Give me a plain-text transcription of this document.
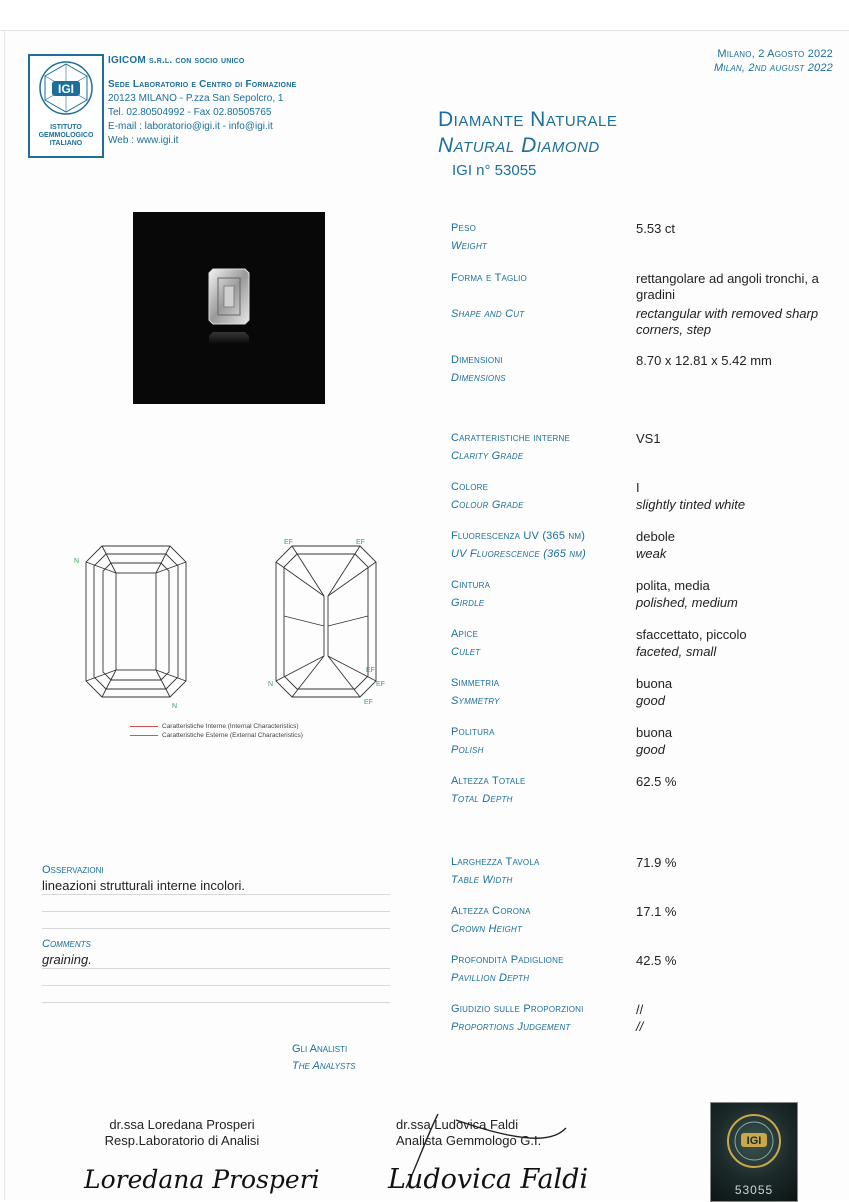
IGI
ISTITUTO
GEMMOLOGICO
ITALIANO
IGICOM s.r.l. con socio unico
Sede Laboratorio e Centro di Formazione
20123 MILANO - P.zza San Sepolcro, 1
Tel. 02.80504992 - Fax 02.80505765
E-mail : laboratorio@igi.it - info@igi.it
Web : www.igi.it
Milano, 2 Agosto 2022
Milan, 2nd august 2022
Diamante Naturale
Natural Diamond
IGI n° 53055
Peso
Weight
5.53 ct
Forma e Taglio
Shape and Cut
rettangolare ad angoli tronchi, a gradini
rectangular with removed sharp corners, step
Dimensioni
Dimensions
8.70 x 12.81 x 5.42 mm
Caratteristiche interne
Clarity Grade
VS1
Colore
Colour Grade
I
slightly tinted white
Fluorescenza UV (365 nm)
UV Fluorescence (365 nm)
debole
weak
Cintura
Girdle
polita, media
polished, medium
Apice
Culet
sfaccettato, piccolo
faceted, small
Simmetria
Symmetry
buona
good
Politura
Polish
buona
good
Altezza Totale
Total Depth
62.5 %
Larghezza Tavola
Table Width
71.9 %
Altezza Corona
Crown Height
17.1 %
Profondità Padiglione
Pavillion Depth
42.5 %
Giudizio sulle Proporzioni
Proportions Judgement
//
//
N
N
N
EF	EF
EF
EF
EF
Caratteristiche Interne (Internal Characteristics)
Caratteristiche Esterne (External Characteristics)
Osservazioni
lineazioni strutturali interne incolori.
Comments
graining.
Gli Analisti
The Analysts
dr.ssa Loredana Prosperi
Resp.Laboratorio di Analisi
Loredana Prosperi
dr.ssa Ludovica Faldi
Analista Gemmologo G.I.
Ludovica Faldi
IGI
53055
